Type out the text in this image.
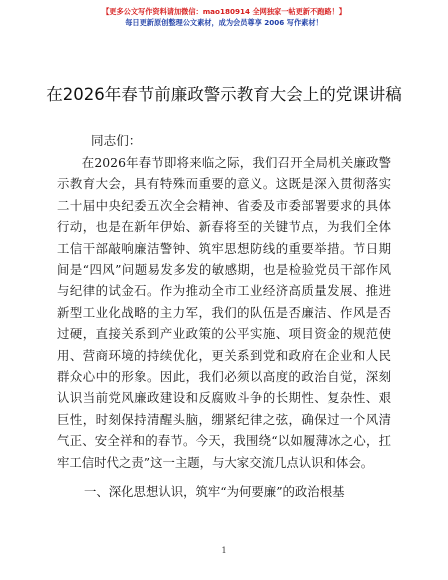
【更多公文写作资料请加微信：mao180914 全网独家一帖更新不跑路！】
每日更新原创整理公文素材，成为会员尊享 2006 写作素材！
在2026年春节前廉政警示教育大会上的党课讲稿
同志们：

在2026年春节即将来临之际，我们召开全局机关廉政警示教育大会，具有特殊而重要的意义。这既是深入贯彻落实二十届中央纪委五次全会精神、省委及市委部署要求的具体行动，也是在新年伊始、新春将至的关键节点，为我们全体工信干部敲响廉洁警钟、筑牢思想防线的重要举措。节日期间是“四风”问题易发多发的敏感期，也是检验党员干部作风与纪律的试金石。作为推动全市工业经济高质量发展、推进新型工业化战略的主力军，我们的队伍是否廉洁、作风是否过硬，直接关系到产业政策的公平实施、项目资金的规范使用、营商环境的持续优化，更关系到党和政府在企业和人民群众心中的形象。因此，我们必须以高度的政治自觉，深刻认识当前党风廉政建设和反腐败斗争的长期性、复杂性、艰巨性，时刻保持清醒头脑，绷紧纪律之弦，确保过一个风清气正、安全祥和的春节。今天，我围绕“以如履薄冰之心，扛牢工信时代之责”这一主题，与大家交流几点认识和体会。

一、深化思想认识，筑牢“为何要廉”的政治根基
1
